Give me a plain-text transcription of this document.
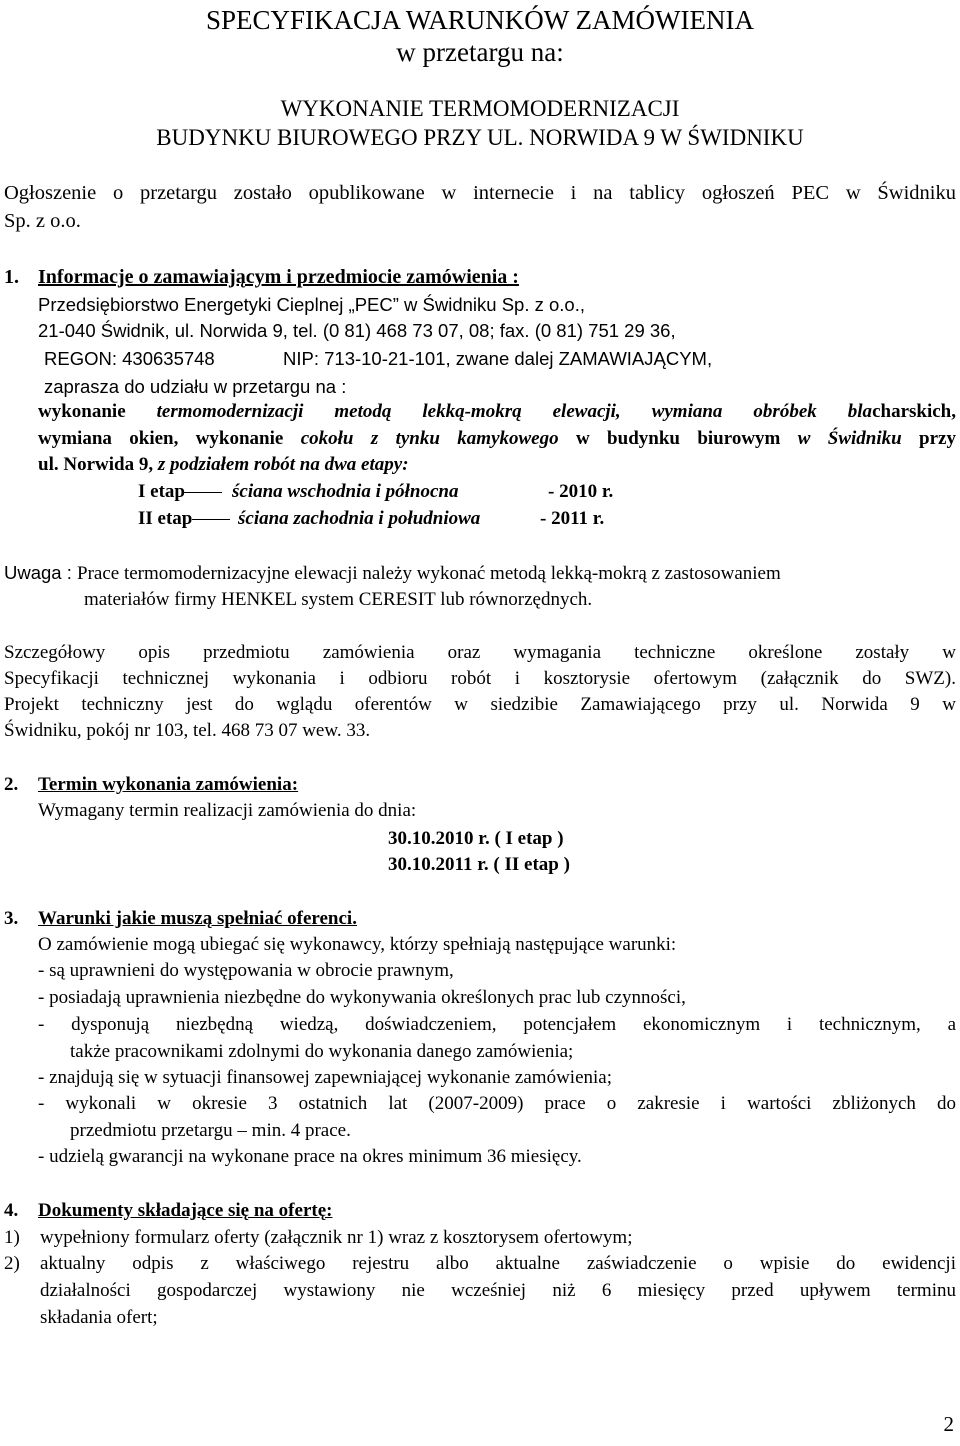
SPECYFIKACJA WARUNKÓW ZAMÓWIENIA
w przetargu na:
WYKONANIE TERMOMODERNIZACJI
BUDYNKU BIUROWEGO PRZY UL. NORWIDA 9 W ŚWIDNIKU
Ogłoszenie o przetargu zostało opublikowane w internecie i na tablicy ogłoszeń PEC w Świdniku
Sp. z o.o.
1. Informacje o zamawiającym i przedmiocie zamówienia :
Przedsiębiorstwo Energetyki Cieplnej „PEC” w Świdniku Sp. z o.o.,
21-040 Świdnik, ul. Norwida 9, tel. (0 81) 468 73 07, 08; fax. (0 81) 751 29 36,
REGON: 430635748	NIP: 713-10-21-101, zwane dalej ZAMAWIAJĄCYM,
zaprasza do udziału w przetargu na :
wykonanie termomodernizacji metodą lekką-mokrą elewacji, wymiana obróbek blacharskich,
wymiana okien, wykonanie cokołu z tynku kamykowego w budynku biurowym w Świdniku przy
ul. Norwida 9, z podziałem robót na dwa etapy:
I etap ściana wschodnia i północna	- 2010 r.
II etap ściana zachodnia i południowa	- 2011 r.
Uwaga : Prace termomodernizacyjne elewacji należy wykonać metodą lekką-mokrą z zastosowaniem
materiałów firmy HENKEL system CERESIT lub równorzędnych.
Szczegółowy opis przedmiotu zamówienia oraz wymagania techniczne określone zostały w
Specyfikacji technicznej wykonania i odbioru robót i kosztorysie ofertowym (załącznik do SWZ).
Projekt techniczny jest do wglądu oferentów w siedzibie Zamawiającego przy ul. Norwida 9 w
Świdniku, pokój nr 103, tel. 468 73 07 wew. 33.
2. Termin wykonania zamówienia:
Wymagany termin realizacji zamówienia do dnia:
30.10.2010 r. ( I etap )
30.10.2011 r. ( II etap )
3. Warunki jakie muszą spełniać oferenci.
O zamówienie mogą ubiegać się wykonawcy, którzy spełniają następujące warunki:
- są uprawnieni do występowania w obrocie prawnym,
- posiadają uprawnienia niezbędne do wykonywania określonych prac lub czynności,
- dysponują niezbędną wiedzą, doświadczeniem, potencjałem ekonomicznym i technicznym, a
także pracownikami zdolnymi do wykonania danego zamówienia;
- znajdują się w sytuacji finansowej zapewniającej wykonanie zamówienia;
- wykonali w okresie 3 ostatnich lat (2007-2009) prace o zakresie i wartości zbliżonych do
przedmiotu przetargu – min. 4 prace.
- udzielą gwarancji na wykonane prace na okres minimum 36 miesięcy.
4. Dokumenty składające się na ofertę:
1) wypełniony formularz oferty (załącznik nr 1) wraz z kosztorysem ofertowym;
2) aktualny odpis z właściwego rejestru albo aktualne zaświadczenie o wpisie do ewidencji
działalności gospodarczej wystawiony nie wcześniej niż 6 miesięcy przed upływem terminu
składania ofert;
2
